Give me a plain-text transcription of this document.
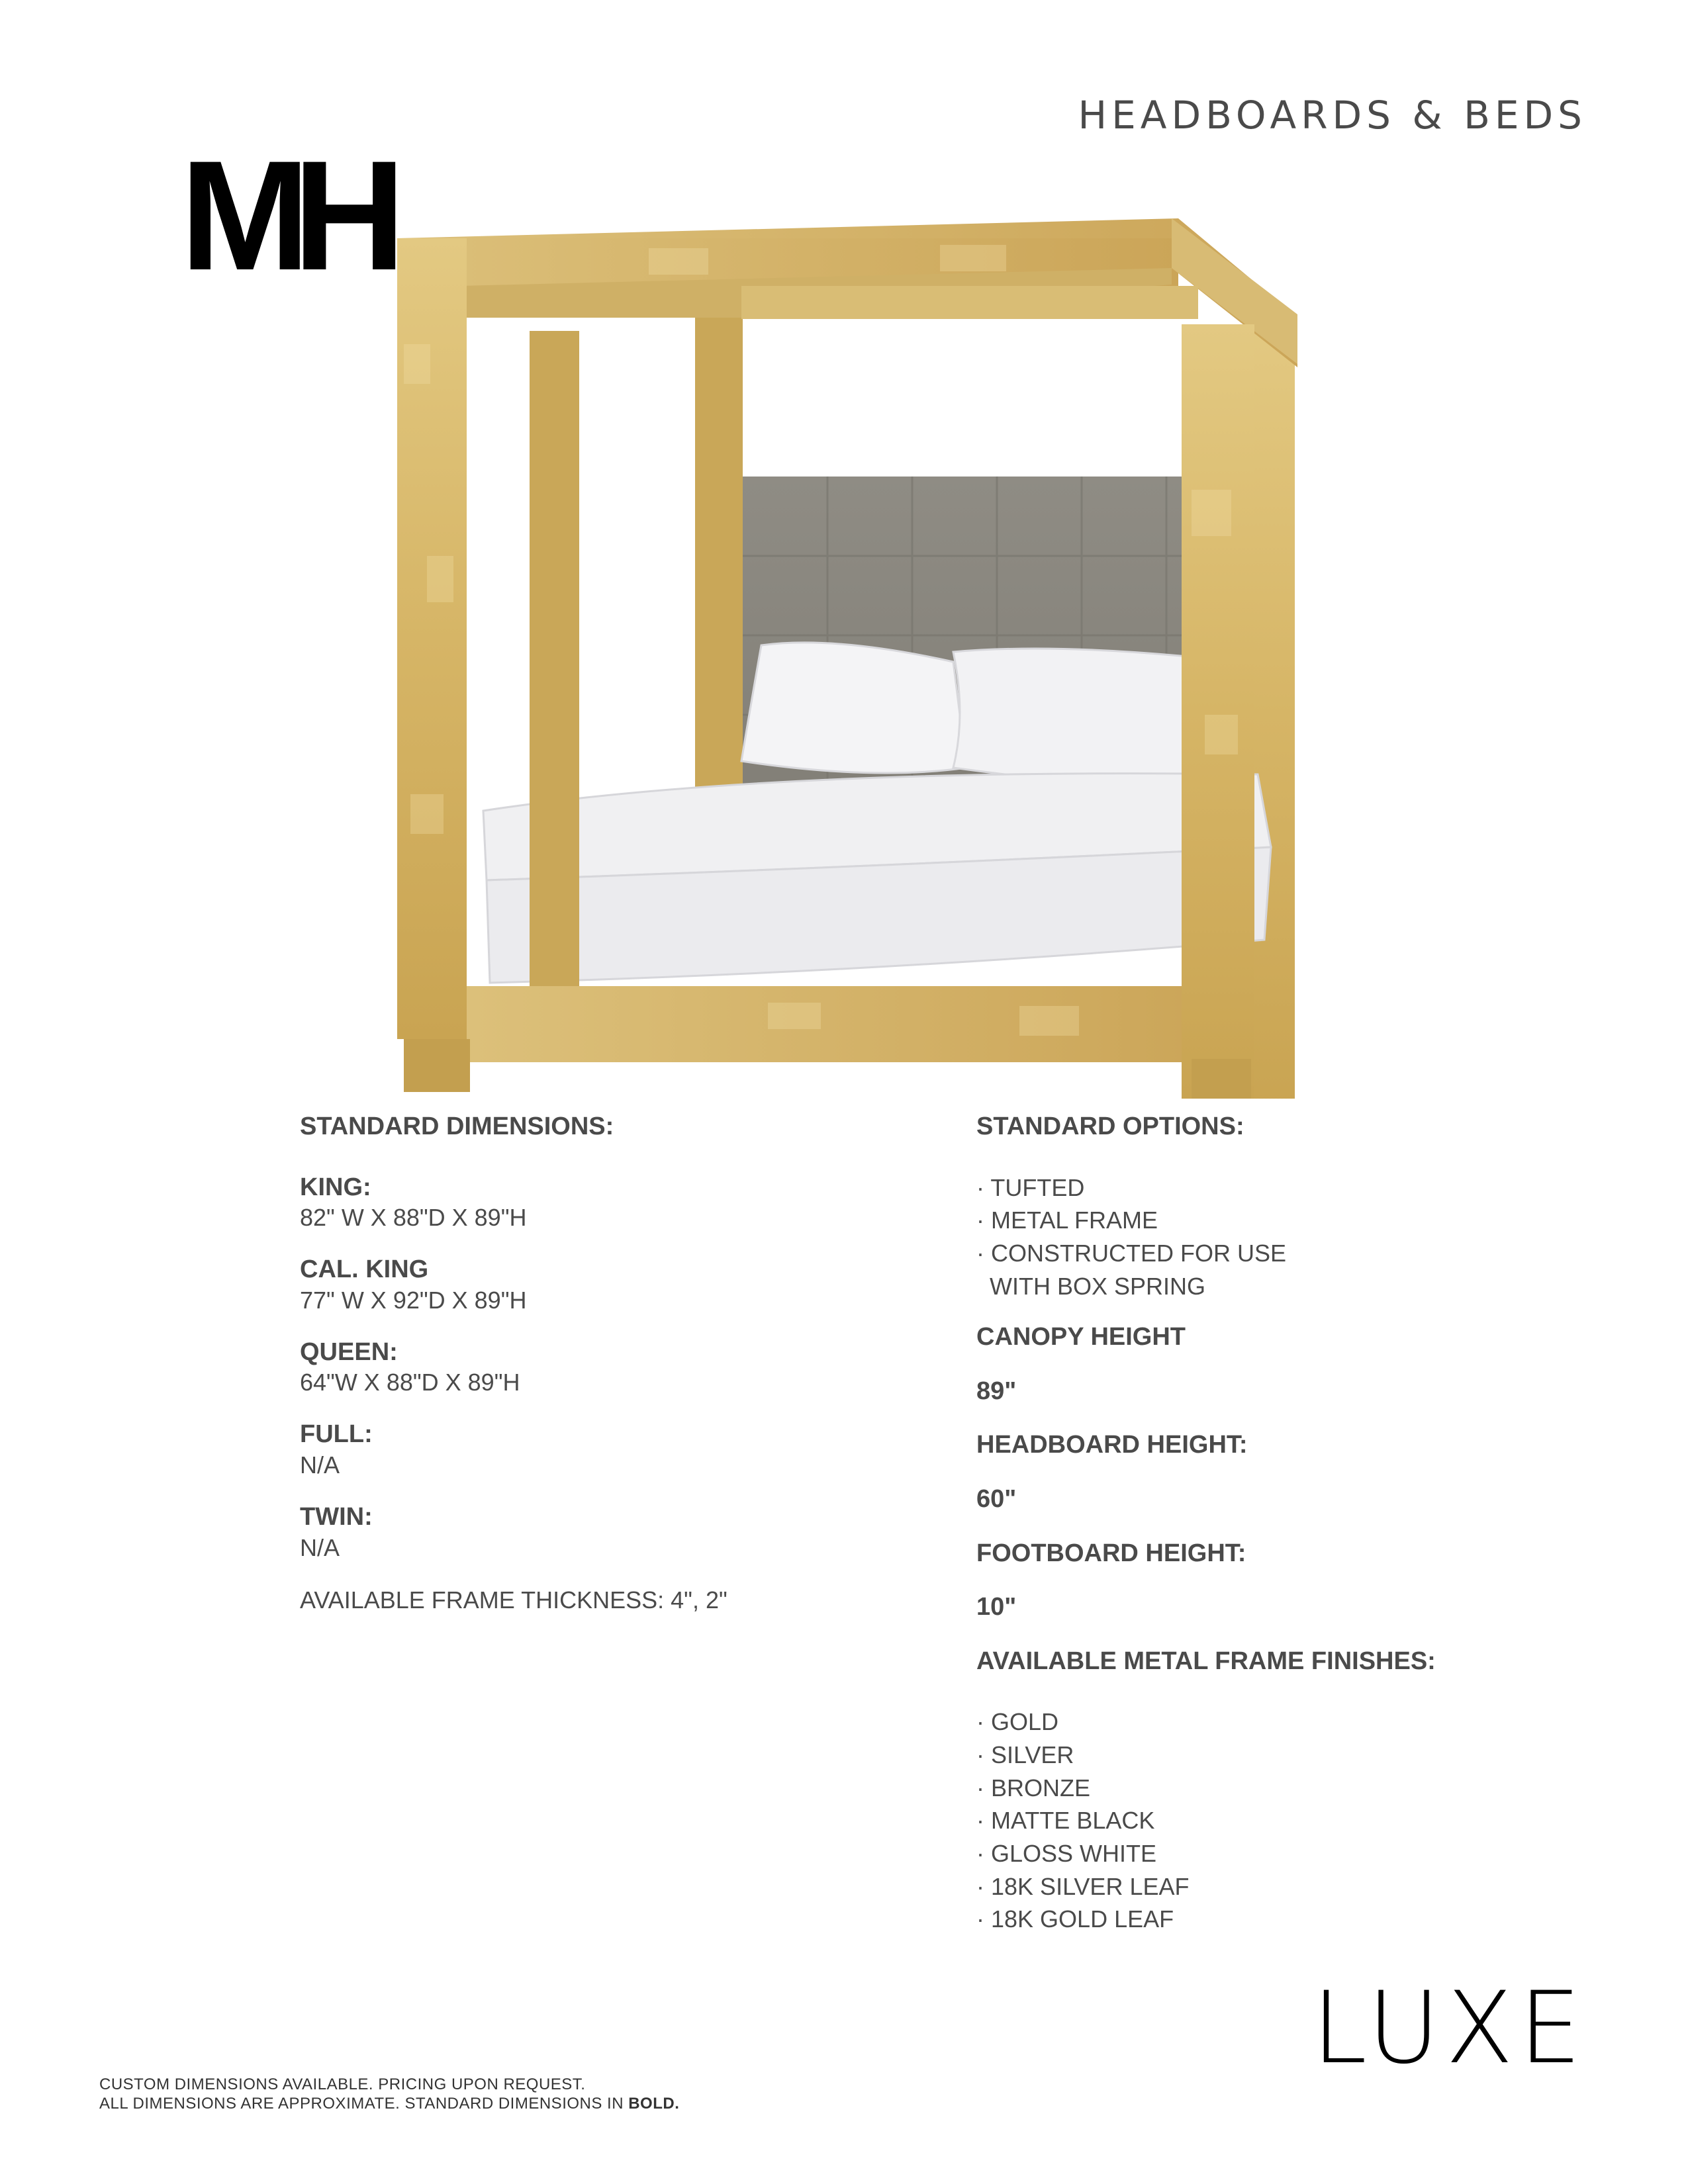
HEADBOARDS & BEDS
MH
STANDARD DIMENSIONS:
KING:
82" W X 88"D X 89"H
CAL. KING
77" W X 92"D X 89"H
QUEEN:
64"W X 88"D X 89"H
FULL:
N/A
TWIN:
N/A
AVAILABLE FRAME THICKNESS: 4", 2"
STANDARD OPTIONS:
· TUFTED
· METAL FRAME
· CONSTRUCTED FOR USE WITH BOX SPRING
CANOPY HEIGHT
89"
HEADBOARD HEIGHT:
60"
FOOTBOARD HEIGHT:
10"
AVAILABLE METAL FRAME FINISHES:
· GOLD
· SILVER
· BRONZE
· MATTE BLACK
· GLOSS WHITE
· 18K SILVER LEAF
· 18K GOLD LEAF
LUXE
CUSTOM DIMENSIONS AVAILABLE. PRICING UPON REQUEST.
ALL DIMENSIONS ARE APPROXIMATE. STANDARD DIMENSIONS IN BOLD.
